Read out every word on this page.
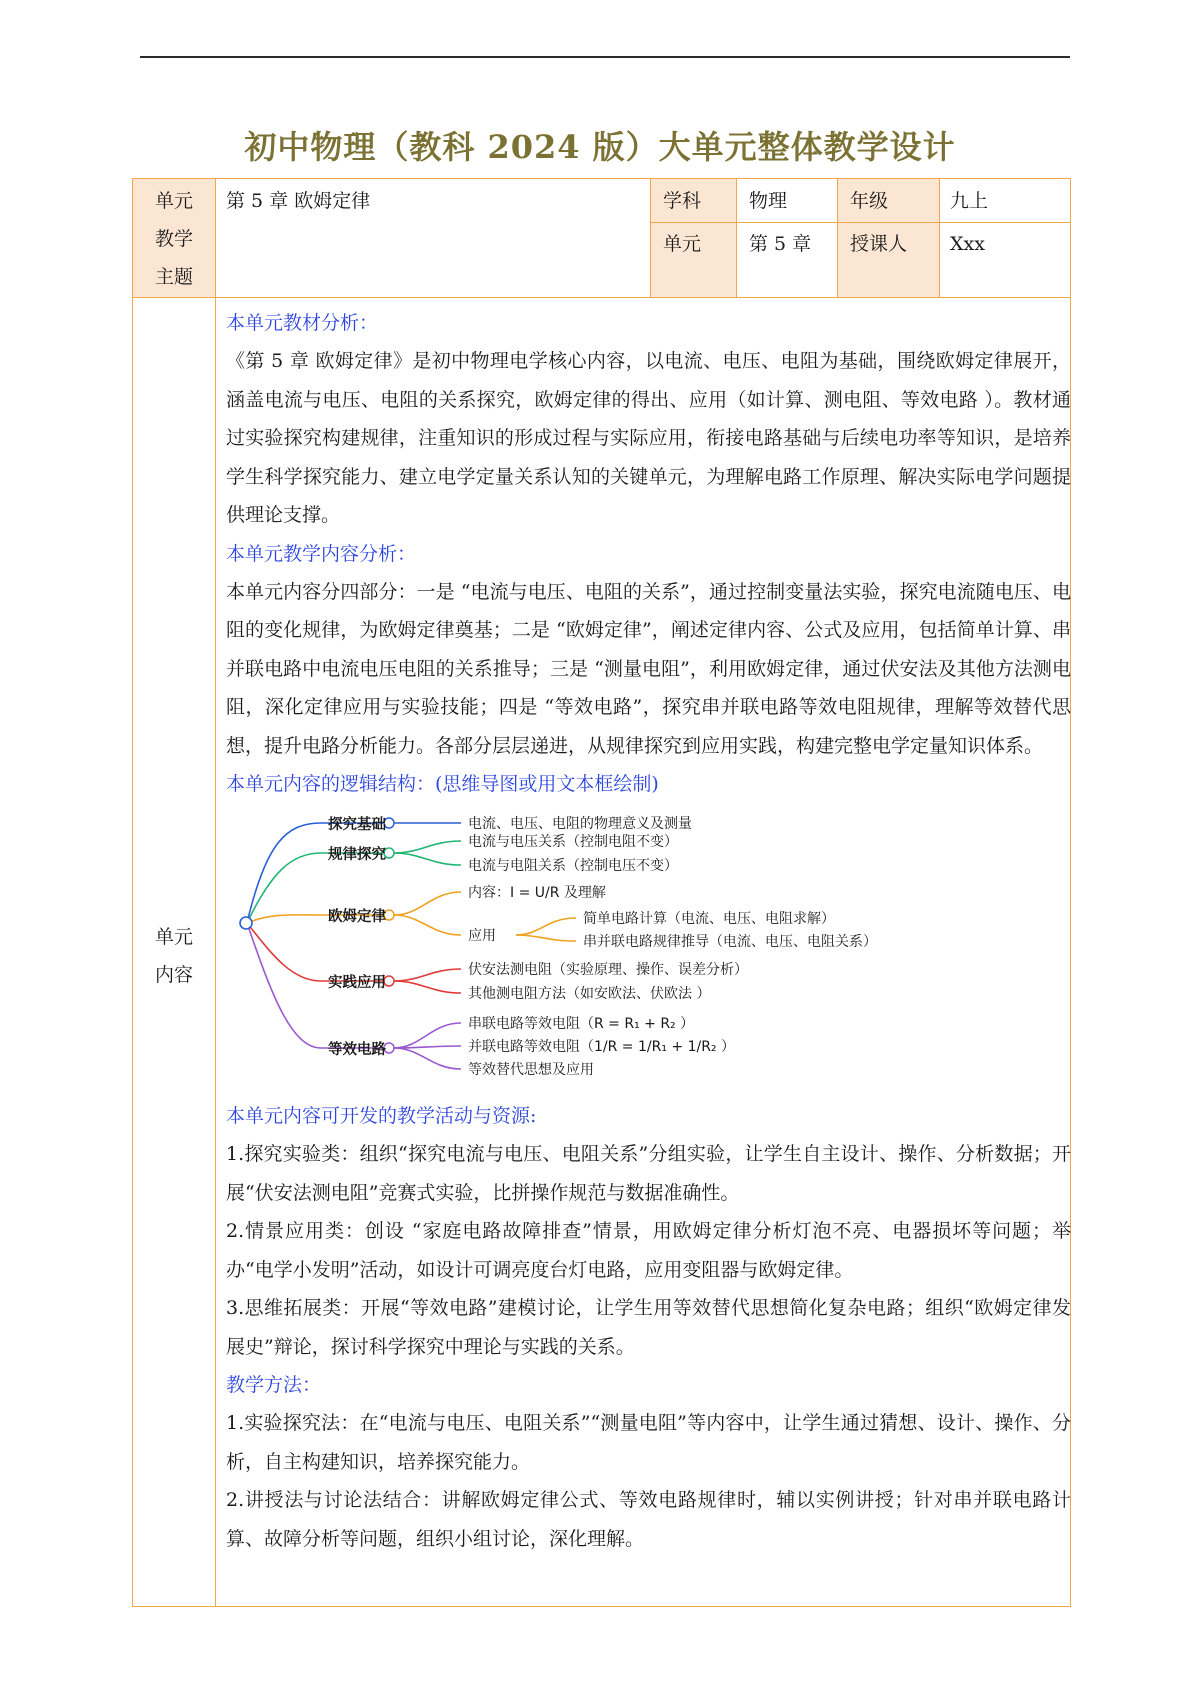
初中物理（教科 2024 版）大单元整体教学设计
单元
教学
主题
第 5 章 欧姆定律	学科	物理	年级	九上
单元	第 5 章	授课人	Xxx
单元
内容

本单元教材分析：

《第 5 章 欧姆定律》是初中物理电学核心内容，以电流、电压、电阻为基础，围绕欧姆定律展开，涵盖电流与电压、电阻的关系探究，欧姆定律的得出、应用（如计算、测电阻、等效电路 ）。教材通过实验探究构建规律，注重知识的形成过程与实际应用，衔接电路基础与后续电功率等知识，是培养学生科学探究能力、建立电学定量关系认知的关键单元，为理解电路工作原理、解决实际电学问题提供理论支撑。

本单元教学内容分析：

本单元内容分四部分：一是 “电流与电压、电阻的关系”，通过控制变量法实验，探究电流随电压、电阻的变化规律，为欧姆定律奠基；二是 “欧姆定律”，阐述定律内容、公式及应用，包括简单计算、串并联电路中电流电压电阻的关系推导；三是 “测量电阻”，利用欧姆定律，通过伏安法及其他方法测电阻，深化定律应用与实验技能；四是 “等效电路”，探究串并联电路等效电阻规律，理解等效替代思想，提升电路分析能力。各部分层层递进，从规律探究到应用实践，构建完整电学定量知识体系。

本单元内容的逻辑结构：(思维导图或用文本框绘制)

探究基础	电流、电压、电阻的物理意义及测量
规律探究
电流与电压关系（控制电阻不变）
电流与电阻关系（控制电压不变）
欧姆定律
内容：I = U/R 及理解
应用
简单电路计算（电流、电压、电阻求解）
串并联电路规律推导（电流、电压、电阻关系）
实践应用
伏安法测电阻（实验原理、操作、误差分析）
其他测电阻方法（如安欧法、伏欧法 ）
等效电路
串联电路等效电阻（R = R₁ + R₂ ）
并联电路等效电阻（1/R = 1/R₁ + 1/R₂ ）
等效替代思想及应用

本单元内容可开发的教学活动与资源:

1.探究实验类：组织“探究电流与电压、电阻关系”分组实验，让学生自主设计、操作、分析数据；开展“伏安法测电阻”竞赛式实验，比拼操作规范与数据准确性。

2.情景应用类：创设 “家庭电路故障排查”情景，用欧姆定律分析灯泡不亮、电器损坏等问题；举办“电学小发明”活动，如设计可调亮度台灯电路，应用变阻器与欧姆定律。

3.思维拓展类：开展“等效电路”建模讨论，让学生用等效替代思想简化复杂电路；组织“欧姆定律发展史”辩论，探讨科学探究中理论与实践的关系。

教学方法：

1.实验探究法：在“电流与电压、电阻关系”“测量电阻”等内容中，让学生通过猜想、设计、操作、分析，自主构建知识，培养探究能力。

2.讲授法与讨论法结合：讲解欧姆定律公式、等效电路规律时，辅以实例讲授；针对串并联电路计算、故障分析等问题，组织小组讨论，深化理解。
